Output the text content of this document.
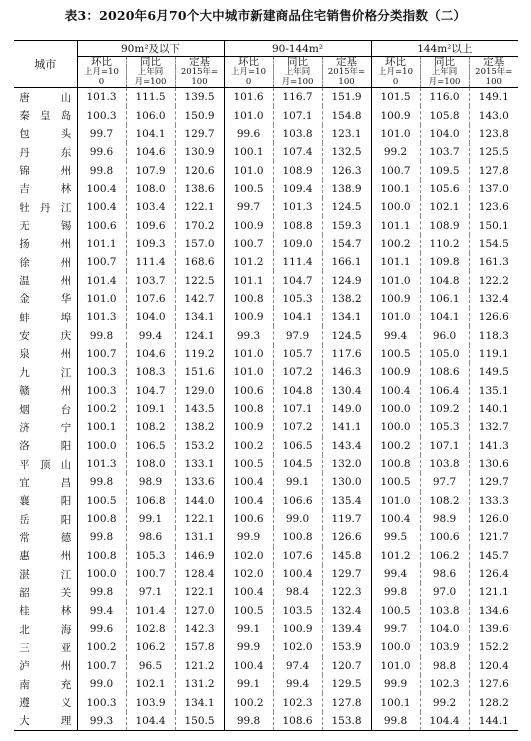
表3：2020年6月70个大中城市新建商品住宅销售价格分类指数（二）
城市	90m²及以下			90-144m²			144m²以上		
	环比	同比	定基	环比	同比	定基	环比	同比	定基
	上月=10	上年同	2015年=	上月=10	上年同	2015年=	上月=10	上年同	2015年=
	0	月=100	100	0	月=100	100	0	月=100	100
唐山	101.3	111.5	139.5	101.6	116.7	151.9	101.5	116.0	149.1
秦皇岛	100.3	106.0	150.9	101.0	107.1	154.8	100.9	105.8	143.0
包头	99.7	104.1	129.7	99.6	103.8	123.1	101.0	104.0	123.8
丹东	99.6	104.6	130.9	100.1	107.4	132.5	99.2	103.7	125.5
锦州	99.8	107.9	120.6	101.0	108.9	126.3	100.7	109.5	127.8
吉林	100.4	108.0	138.6	100.5	109.4	138.9	100.1	105.6	137.0
牡丹江	100.4	103.4	122.1	99.7	101.3	124.5	100.0	102.1	123.6
无锡	100.6	109.6	170.2	100.9	108.8	159.3	101.1	108.9	150.1
扬州	101.1	109.3	157.0	100.7	109.0	154.7	100.2	110.2	154.5
徐州	100.7	111.4	168.6	101.2	111.4	166.1	101.1	109.8	161.3
温州	101.4	103.7	122.5	101.1	104.7	124.9	101.0	104.8	122.2
金华	101.0	107.6	142.7	100.8	105.3	138.2	100.9	106.1	132.4
蚌埠	101.3	104.0	134.1	100.9	104.1	134.1	101.0	104.1	126.6
安庆	99.8	99.4	124.1	99.3	97.9	124.5	99.4	96.0	118.3
泉州	100.7	104.6	119.2	101.0	105.7	117.6	100.5	105.0	119.1
九江	100.3	108.3	151.6	101.0	107.2	146.3	100.9	108.6	149.5
赣州	100.3	104.7	129.0	100.6	104.8	130.4	100.4	106.4	135.1
烟台	100.2	109.1	143.5	100.8	107.1	149.0	100.0	109.2	140.1
济宁	100.1	108.2	138.2	100.9	107.2	141.1	100.0	105.3	132.7
洛阳	100.0	106.5	153.2	100.2	106.5	143.4	100.2	107.1	141.3
平顶山	101.3	108.0	133.1	100.5	104.5	132.0	100.8	103.8	130.6
宜昌	99.8	98.9	133.6	100.4	99.1	130.0	100.5	97.7	129.7
襄阳	100.5	106.8	144.0	100.4	106.6	135.4	101.0	108.2	133.3
岳阳	100.8	99.1	122.1	100.6	99.0	119.7	100.4	98.9	126.0
常德	99.8	98.6	131.1	99.9	100.8	126.6	99.5	100.6	121.7
惠州	100.8	105.3	146.9	102.0	107.6	145.8	101.2	106.2	145.7
湛江	100.0	100.7	128.4	102.0	100.4	129.7	99.4	98.6	126.4
韶关	99.8	97.1	122.1	100.4	98.4	122.3	99.8	97.0	121.1
桂林	99.4	101.4	127.0	100.5	103.5	132.4	100.5	103.8	134.6
北海	99.6	102.8	142.3	99.1	100.9	139.4	99.7	104.0	139.6
三亚	100.2	106.2	157.8	99.9	102.0	153.9	100.0	103.9	152.2
泸州	100.7	96.5	121.2	100.4	97.4	120.7	101.0	98.8	120.4
南充	99.0	102.1	131.2	99.1	99.4	129.5	99.9	102.3	127.6
遵义	100.3	103.9	134.1	100.2	102.3	127.8	100.1	99.2	128.2
大理	99.3	104.4	150.5	99.8	108.6	153.8	99.8	104.4	144.1
